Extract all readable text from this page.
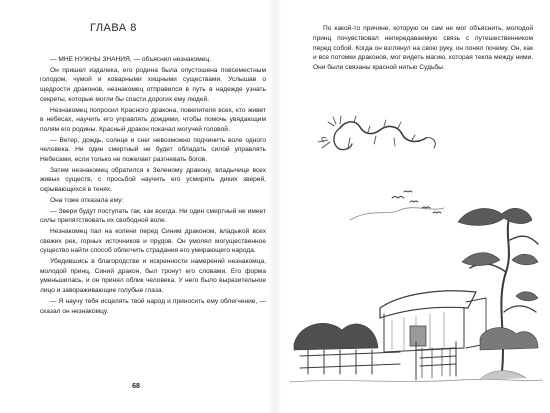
ГЛАВА 8

— МНЕ НУЖНЫ ЗНАНИЯ, — объяснил незнакомец.

Он пришел издалека, его родина была опустошена повсеместным голодом, чумой и коварными хищными существами. Услышав о щедрости драконов, незнакомец отправился в путь в надежде узнать секреты, которые могли бы спасти дорогих ему людей.

Незнакомец попросил Красного дракона, повелителя всех, кто живет в небесах, научить его управлять дождями, чтобы помочь увядающим полям его родины. Красный дракон покачал могучей головой.

— Ветер, дождь, солнце и снег невозможно подчинить воле одного человека. Ни один смертный не будет обладать силой управлять Небесами, если только не пожелает разгневать богов.

Затем незнакомец обратился к Зеленому дракону, владычице всех живых существ, с просьбой научить его усмирять диких зверей, скрывающихся в тенях.

Она тоже отказала ему:

— Звери будут поступать так, как всегда. Ни один смертный не имеет силы препятствовать их свободной воле.

Незнакомец пал на колени перед Синим драконом, владыкой всех свежих рек, горных источников и прудов. Он умолял могущественное существо найти способ облегчить страдания его умирающего народа.

Убедившись в благородстве и искренности намерений незнакомца, молодой принц, Синий дракон, был тронут его словами. Его форма уменьшилась, и он принял облик человека. У него было выразительное лицо и завораживающие голубые глаза.

— Я научу тебя исцелять твой народ и приносить ему облегчение, — сказал он незнакомцу.

68

По какой-то причине, которую он сам не мог объяснить, молодой принц почувствовал непередаваемую связь с путешественником перед собой. Когда он взглянул на свою руку, он понял почему. Он, как и все потомки драконов, мог видеть магию, которая текла между ними. Они были связаны красной нитью Судьбы.
